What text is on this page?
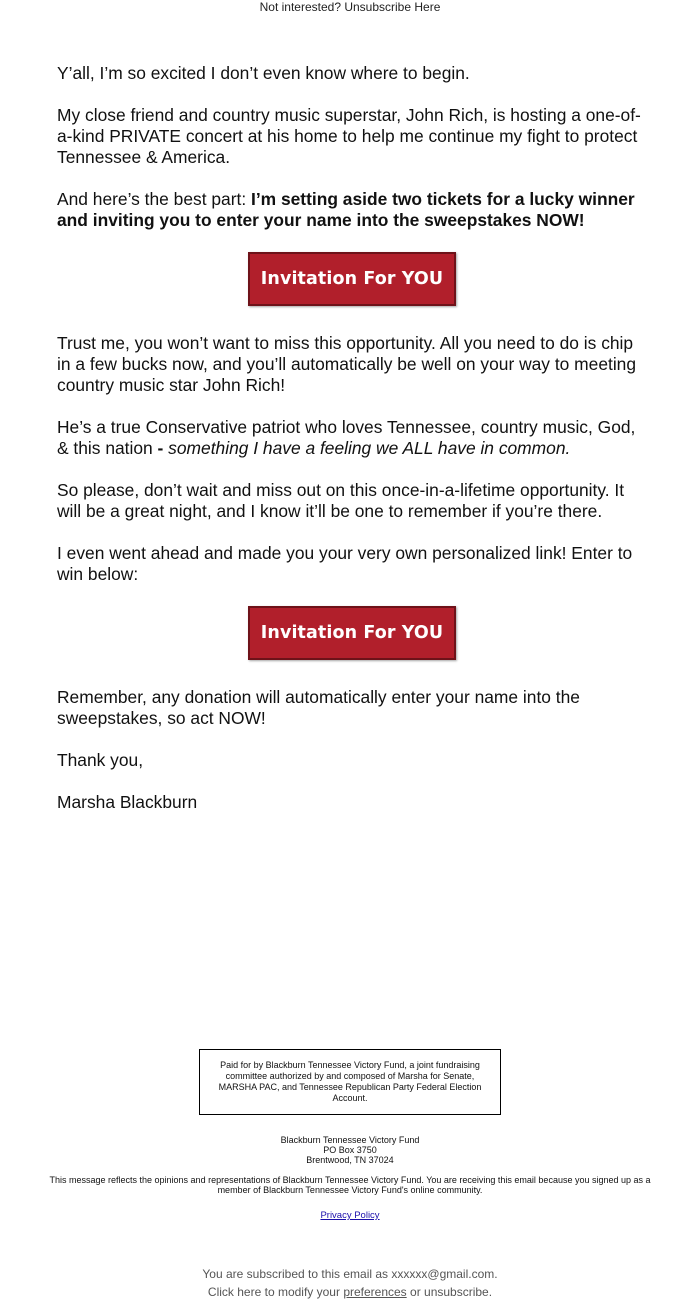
Not interested? Unsubscribe Here

Y’all, I’m so excited I don’t even know where to begin.

My close friend and country music superstar, John Rich, is hosting a one-of-a-kind PRIVATE concert at his home to help me continue my fight to protect Tennessee & America.

And here’s the best part: I’m setting aside two tickets for a lucky winner and inviting you to enter your name into the sweepstakes NOW!

Invitation For YOU

Trust me, you won’t want to miss this opportunity. All you need to do is chip in a few bucks now, and you’ll automatically be well on your way to meeting country music star John Rich!

He’s a true Conservative patriot who loves Tennessee, country music, God, & this nation - something I have a feeling we ALL have in common.

So please, don’t wait and miss out on this once-in-a-lifetime opportunity. It will be a great night, and I know it’ll be one to remember if you’re there.

I even went ahead and made you your very own personalized link! Enter to win below:

Invitation For YOU

Remember, any donation will automatically enter your name into the sweepstakes, so act NOW!

Thank you,

Marsha Blackburn

Paid for by Blackburn Tennessee Victory Fund, a joint fundraising committee authorized by and composed of Marsha for Senate, MARSHA PAC, and Tennessee Republican Party Federal Election Account.
Blackburn Tennessee Victory Fund
PO Box 3750
Brentwood, TN 37024
This message reflects the opinions and representations of Blackburn Tennessee Victory Fund. You are receiving this email because you signed up as a member of Blackburn Tennessee Victory Fund's online community.
Privacy Policy
You are subscribed to this email as xxxxxx@gmail.com.
Click here to modify your preferences or unsubscribe.
